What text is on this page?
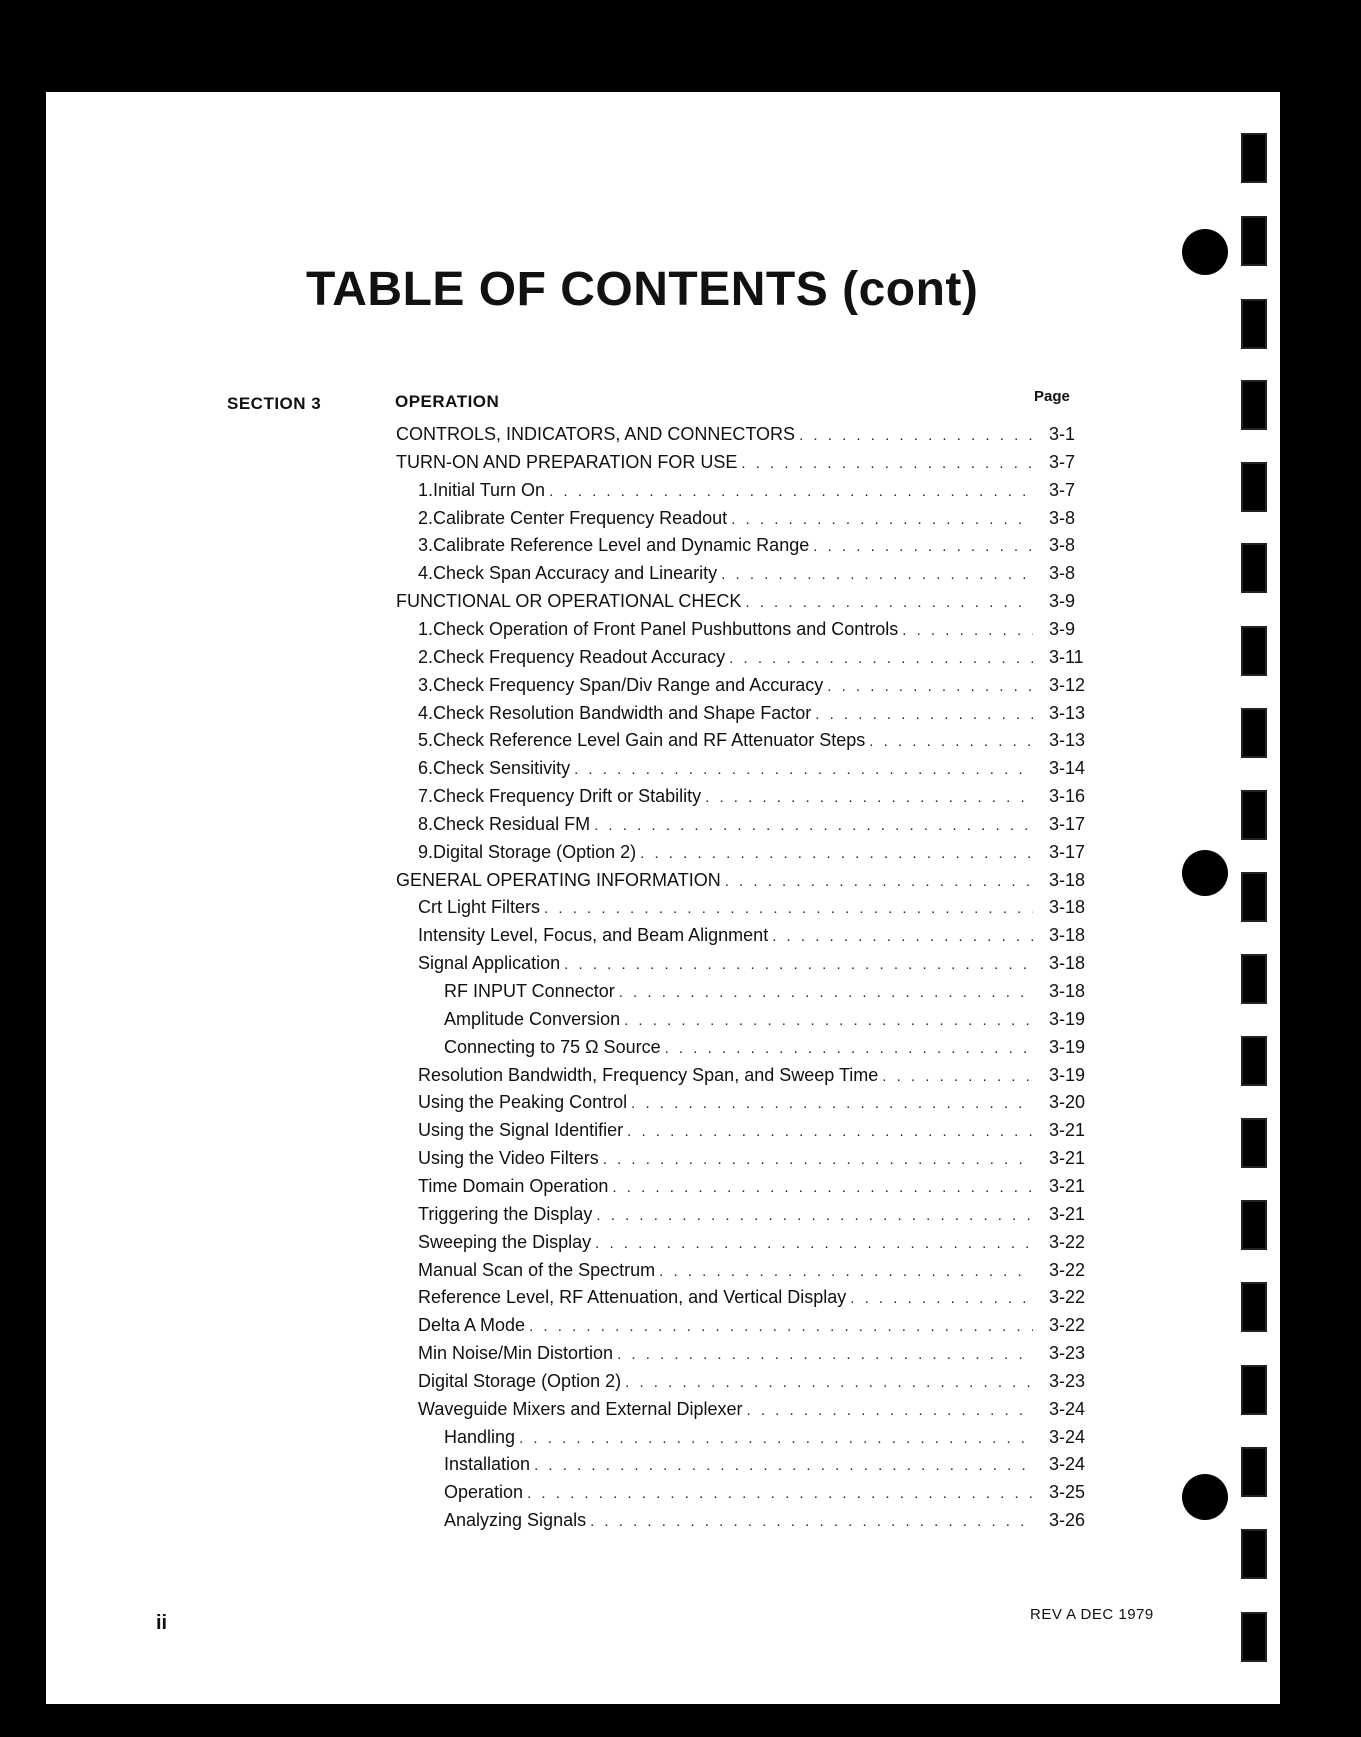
TABLE OF CONTENTS (cont)
SECTION 3	OPERATION	Page
CONTROLS, INDICATORS, AND CONNECTORS . . .	3-1
TURN-ON AND PREPARATION FOR USE . . .	3-7
1. Initial Turn On . . .	3-7
2. Calibrate Center Frequency Readout . . .	3-8
3. Calibrate Reference Level and Dynamic Range . . .	3-8
4. Check Span Accuracy and Linearity . . .	3-8
FUNCTIONAL OR OPERATIONAL CHECK . . .	3-9
1. Check Operation of Front Panel Pushbuttons and Controls . . .	3-9
2. Check Frequency Readout Accuracy . . .	3-11
3. Check Frequency Span/Div Range and Accuracy . . .	3-12
4. Check Resolution Bandwidth and Shape Factor . . .	3-13
5. Check Reference Level Gain and RF Attenuator Steps . . .	3-13
6. Check Sensitivity . . .	3-14
7. Check Frequency Drift or Stability . . .	3-16
8. Check Residual FM . . .	3-17
9. Digital Storage (Option 2) . . .	3-17
GENERAL OPERATING INFORMATION . . .	3-18
Crt Light Filters . . .	3-18
Intensity Level, Focus, and Beam Alignment . . .	3-18
Signal Application . . .	3-18
RF INPUT Connector . . .	3-18
Amplitude Conversion . . .	3-19
Connecting to 75 Ω Source . . .	3-19
Resolution Bandwidth, Frequency Span, and Sweep Time . . .	3-19
Using the Peaking Control . . .	3-20
Using the Signal Identifier . . .	3-21
Using the Video Filters . . .	3-21
Time Domain Operation . . .	3-21
Triggering the Display . . .	3-21
Sweeping the Display . . .	3-22
Manual Scan of the Spectrum . . .	3-22
Reference Level, RF Attenuation, and Vertical Display . . .	3-22
Delta A Mode . . .	3-22
Min Noise/Min Distortion . . .	3-23
Digital Storage (Option 2) . . .	3-23
Waveguide Mixers and External Diplexer . . .	3-24
Handling . . .	3-24
Installation . . .	3-24
Operation . . .	3-25
Analyzing Signals . . .	3-26
ii	REV A DEC 1979
